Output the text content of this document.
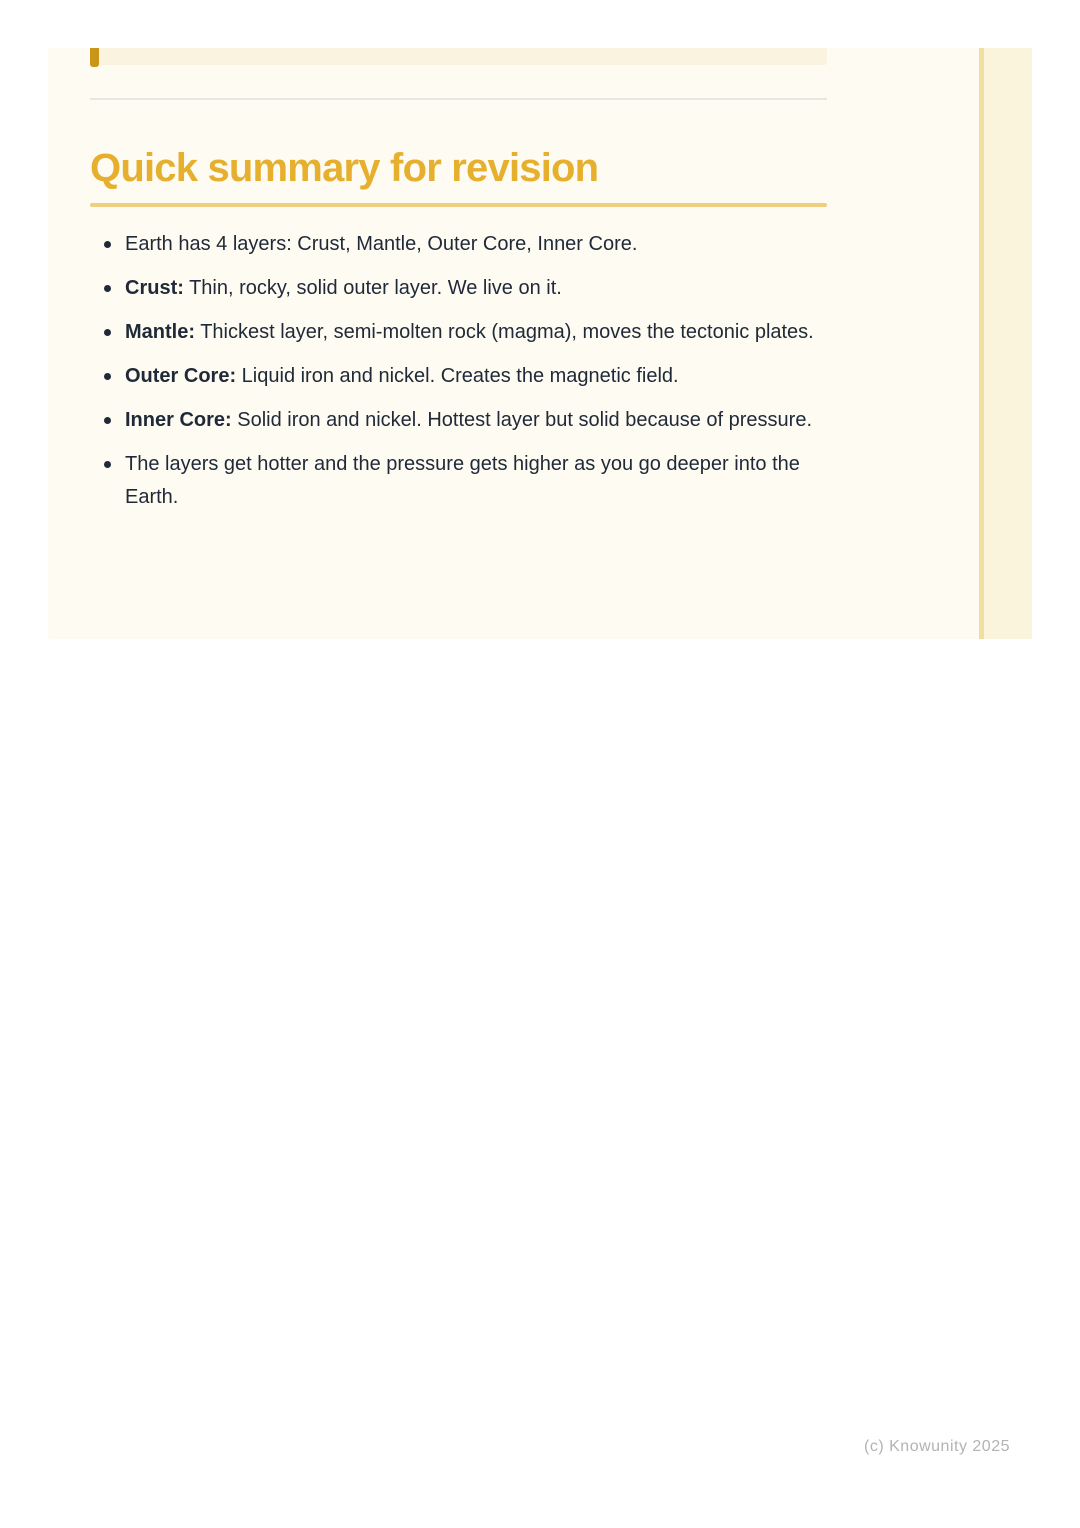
Quick summary for revision
Earth has 4 layers: Crust, Mantle, Outer Core, Inner Core.
Crust: Thin, rocky, solid outer layer. We live on it.
Mantle: Thickest layer, semi-molten rock (magma), moves the tectonic plates.
Outer Core: Liquid iron and nickel. Creates the magnetic field.
Inner Core: Solid iron and nickel. Hottest layer but solid because of pressure.
The layers get hotter and the pressure gets higher as you go deeper into the Earth.
(c) Knowunity 2025
